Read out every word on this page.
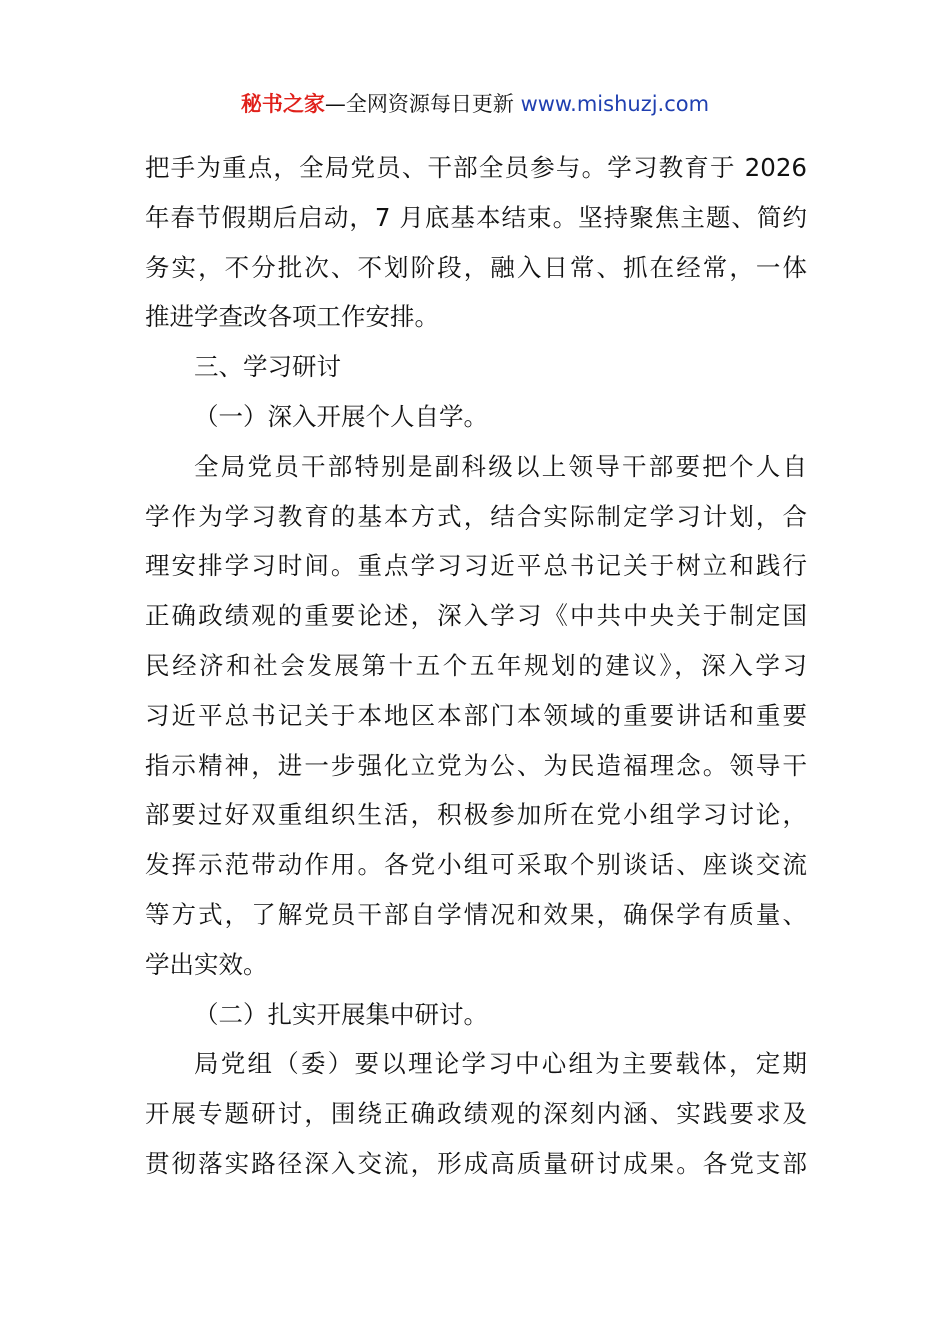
秘书之家—全网资源每日更新 www.mishuzj.com
把手为重点，全局党员、干部全员参与。学习教育于 2026
年春节假期后启动，7 月底基本结束。坚持聚焦主题、简约
务实，不分批次、不划阶段，融入日常、抓在经常，一体
推进学查改各项工作安排。
三、学习研讨
（一）深入开展个人自学。
全局党员干部特别是副科级以上领导干部要把个人自
学作为学习教育的基本方式，结合实际制定学习计划，合
理安排学习时间。重点学习习近平总书记关于树立和践行
正确政绩观的重要论述，深入学习《中共中央关于制定国
民经济和社会发展第十五个五年规划的建议》，深入学习
习近平总书记关于本地区本部门本领域的重要讲话和重要
指示精神，进一步强化立党为公、为民造福理念。领导干
部要过好双重组织生活，积极参加所在党小组学习讨论，
发挥示范带动作用。各党小组可采取个别谈话、座谈交流
等方式，了解党员干部自学情况和效果，确保学有质量、
学出实效。
（二）扎实开展集中研讨。
局党组（委）要以理论学习中心组为主要载体，定期
开展专题研讨，围绕正确政绩观的深刻内涵、实践要求及
贯彻落实路径深入交流，形成高质量研讨成果。各党支部
